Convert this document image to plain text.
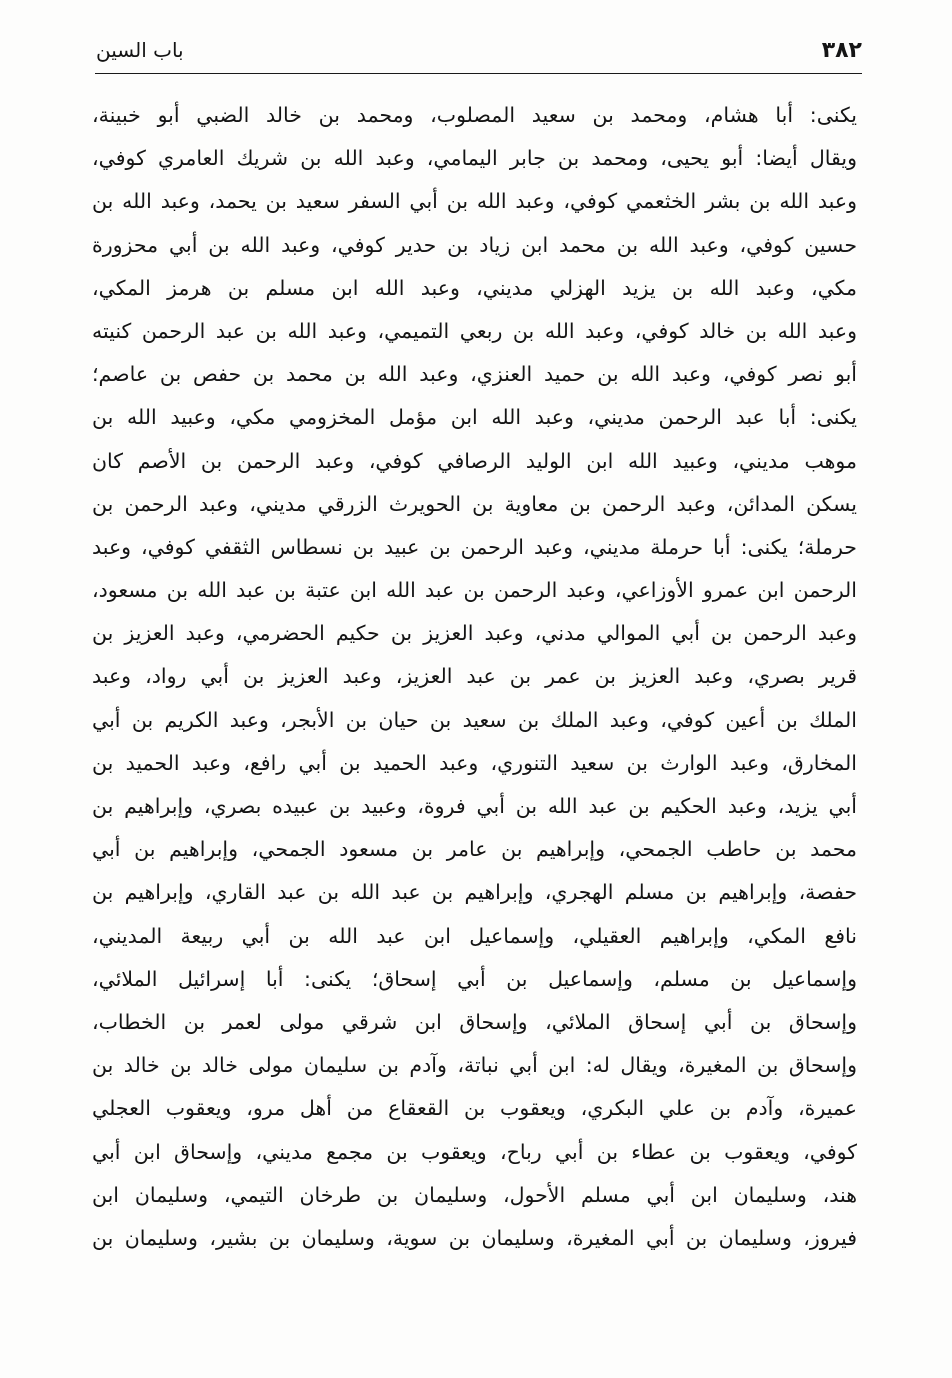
باب السين	٣٨٢
يكنى: أبا هشام، ومحمد بن سعيد المصلوب، ومحمد بن خالد الضبي أبو خبينة،
ويقال أيضا: أبو يحيى، ومحمد بن جابر اليمامي، وعبد الله بن شريك العامري كوفي،
وعبد الله بن بشر الخثعمي كوفي، وعبد الله بن أبي السفر سعيد بن يحمد، وعبد الله بن
حسين كوفي، وعبد الله بن محمد ابن زياد بن حدير كوفي، وعبد الله بن أبي محزورة
مكي، وعبد الله بن يزيد الهزلي مديني، وعبد الله ابن مسلم بن هرمز المكي،
وعبد الله بن خالد كوفي، وعبد الله بن ربعي التميمي، وعبد الله بن عبد الرحمن كنيته
أبو نصر كوفي، وعبد الله بن حميد العنزي، وعبد الله بن محمد بن حفص بن عاصم؛
يكنى: أبا عبد الرحمن مديني، وعبد الله ابن مؤمل المخزومي مكي، وعبيد الله بن
موهب مديني، وعبيد الله ابن الوليد الرصافي كوفي، وعبد الرحمن بن الأصم كان
يسكن المدائن، وعبد الرحمن بن معاوية بن الحويرث الزرقي مديني، وعبد الرحمن بن
حرملة؛ يكنى: أبا حرملة مديني، وعبد الرحمن بن عبيد بن نسطاس الثقفي كوفي، وعبد
الرحمن ابن عمرو الأوزاعي، وعبد الرحمن بن عبد الله ابن عتبة بن عبد الله بن مسعود،
وعبد الرحمن بن أبي الموالي مدني، وعبد العزيز بن حكيم الحضرمي، وعبد العزيز بن
قرير بصري، وعبد العزيز بن عمر بن عبد العزيز، وعبد العزيز بن أبي رواد، وعبد
الملك بن أعين كوفي، وعبد الملك بن سعيد بن حيان بن الأبجر، وعبد الكريم بن أبي
المخارق، وعبد الوارث بن سعيد التنوري، وعبد الحميد بن أبي رافع، وعبد الحميد بن
أبي يزيد، وعبد الحكيم بن عبد الله بن أبي فروة، وعبيد بن عبيده بصري، وإبراهيم بن
محمد بن حاطب الجمحي، وإبراهيم بن عامر بن مسعود الجمحي، وإبراهيم بن أبي
حفصة، وإبراهيم بن مسلم الهجري، وإبراهيم بن عبد الله بن عبد القاري، وإبراهيم بن
نافع المكي، وإبراهيم العقيلي، وإسماعيل ابن عبد الله بن أبي ربيعة المديني،
وإسماعيل بن مسلم، وإسماعيل بن أبي إسحاق؛ يكنى: أبا إسرائيل الملائي،
وإسحاق بن أبي إسحاق الملائي، وإسحاق ابن شرقي مولى لعمر بن الخطاب،
وإسحاق بن المغيرة، ويقال له: ابن أبي نباتة، وآدم بن سليمان مولى خالد بن خالد بن
عميرة، وآدم بن علي البكري، ويعقوب بن القعقاع من أهل مرو، ويعقوب العجلي
كوفي، ويعقوب بن عطاء بن أبي رباح، ويعقوب بن مجمع مديني، وإسحاق ابن أبي
هند، وسليمان ابن أبي مسلم الأحول، وسليمان بن طرخان التيمي، وسليمان ابن
فيروز، وسليمان بن أبي المغيرة، وسليمان بن سوية، وسليمان بن بشير، وسليمان بن
